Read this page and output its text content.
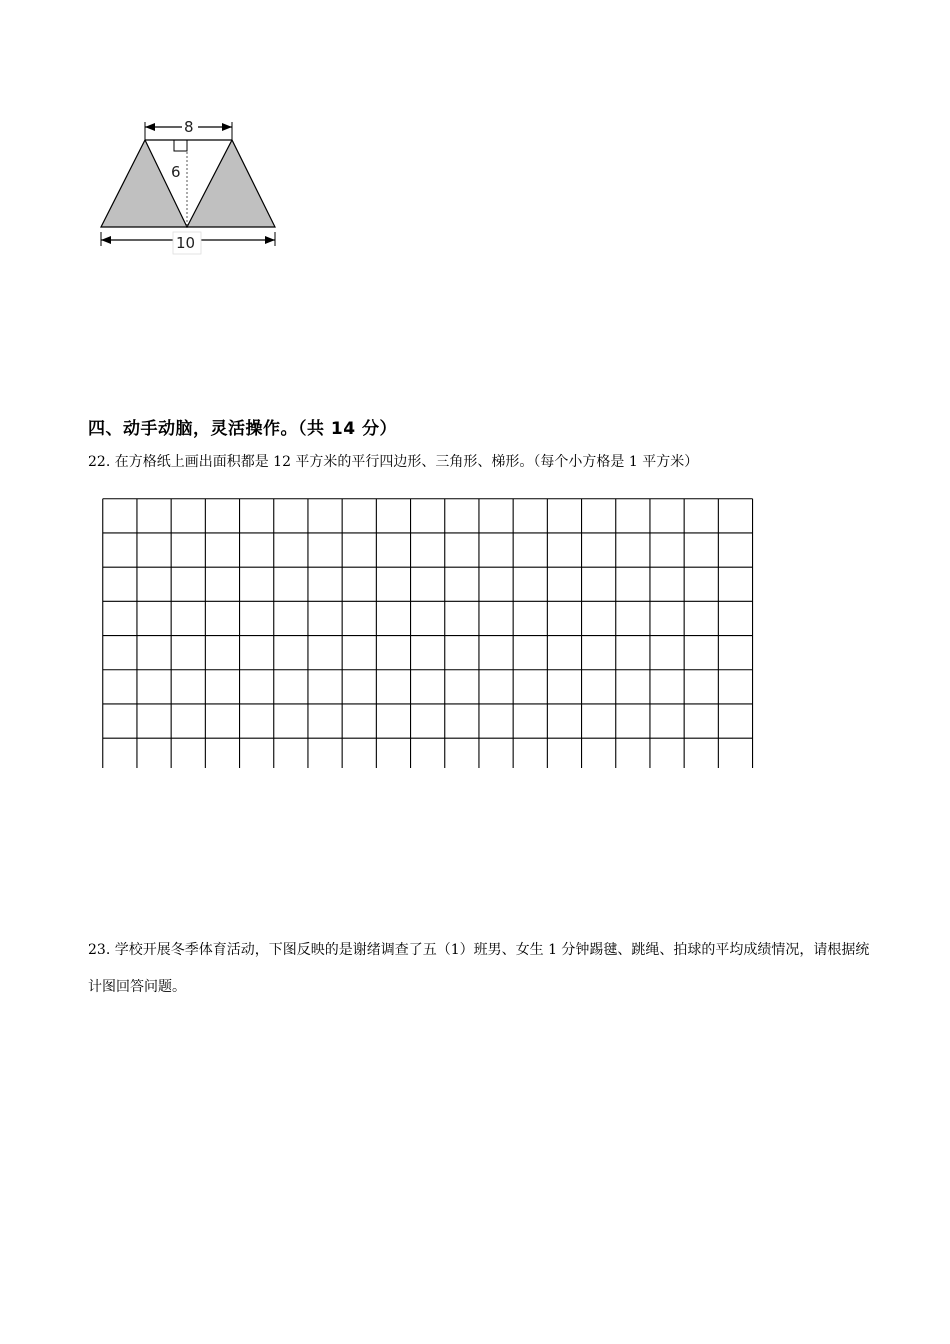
8
6
10
四、动手动脑，灵活操作。（共 14 分）
22. 在方格纸上画出面积都是 12 平方米的平行四边形、三角形、梯形。（每个小方格是 1 平方米）
23. 学校开展冬季体育活动，下图反映的是谢绪调查了五（1）班男、女生 1 分钟踢毽、跳绳、拍球的平均成绩情况，请根据统计图回答问题。
